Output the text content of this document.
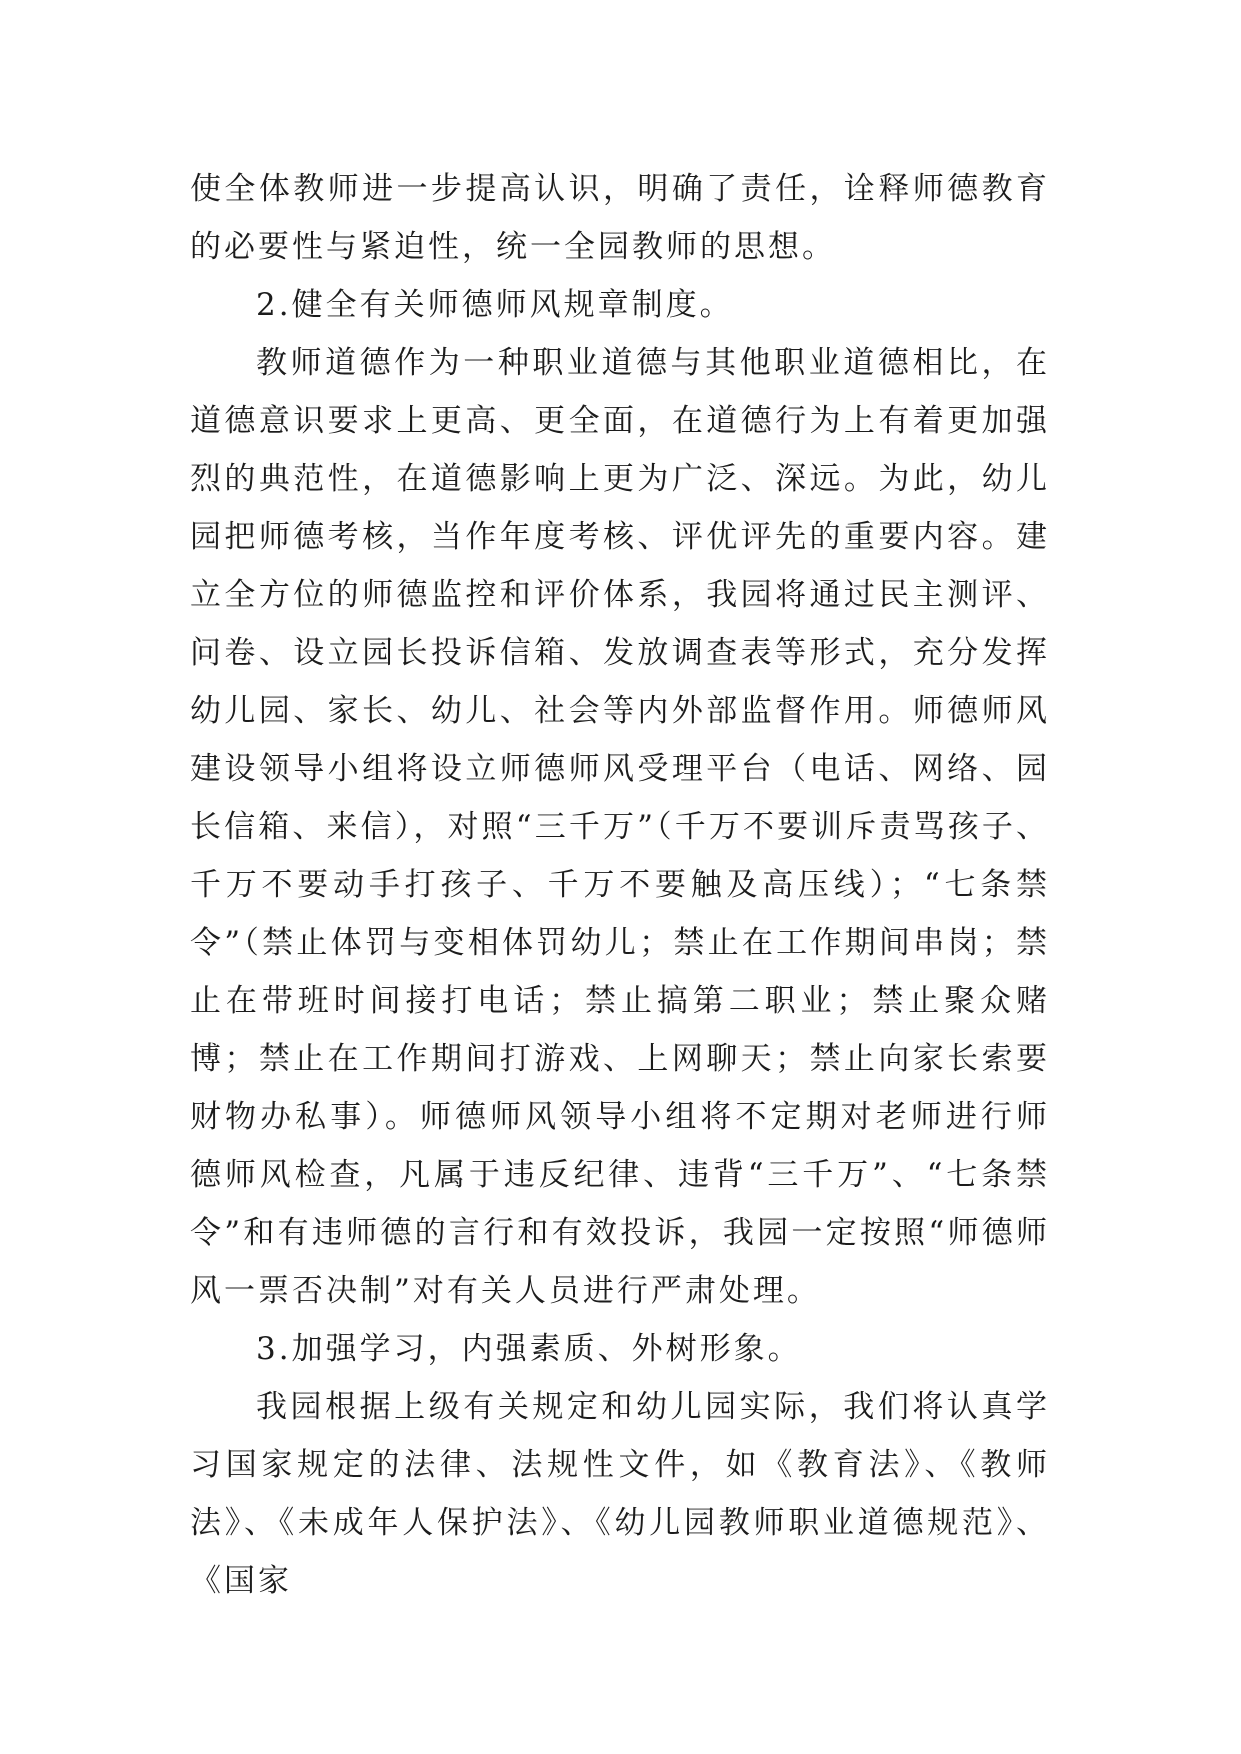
使全体教师进一步提高认识，明确了责任，诠释师德教育的必要性与紧迫性，统一全园教师的思想。

2.健全有关师德师风规章制度。

教师道德作为一种职业道德与其他职业道德相比，在道德意识要求上更高、更全面，在道德行为上有着更加强烈的典范性，在道德影响上更为广泛、深远。为此，幼儿园把师德考核，当作年度考核、评优评先的重要内容。建立全方位的师德监控和评价体系，我园将通过民主测评、问卷、设立园长投诉信箱、发放调查表等形式，充分发挥幼儿园、家长、幼儿、社会等内外部监督作用。师德师风建设领导小组将设立师德师风受理平台（电话、网络、园长信箱、来信），对照“三千万”（千万不要训斥责骂孩子、千万不要动手打孩子、千万不要触及高压线）；“七条禁令”（禁止体罚与变相体罚幼儿；禁止在工作期间串岗；禁止在带班时间接打电话；禁止搞第二职业；禁止聚众赌博；禁止在工作期间打游戏、上网聊天；禁止向家长索要财物办私事）。师德师风领导小组将不定期对老师进行师德师风检查，凡属于违反纪律、违背“三千万”、“七条禁令”和有违师德的言行和有效投诉，我园一定按照“师德师风一票否决制”对有关人员进行严肃处理。

3.加强学习，内强素质、外树形象。

我园根据上级有关规定和幼儿园实际，我们将认真学习国家规定的法律、法规性文件，如《教育法》、《教师法》、《未成年人保护法》、《幼儿园教师职业道德规范》、《国家
